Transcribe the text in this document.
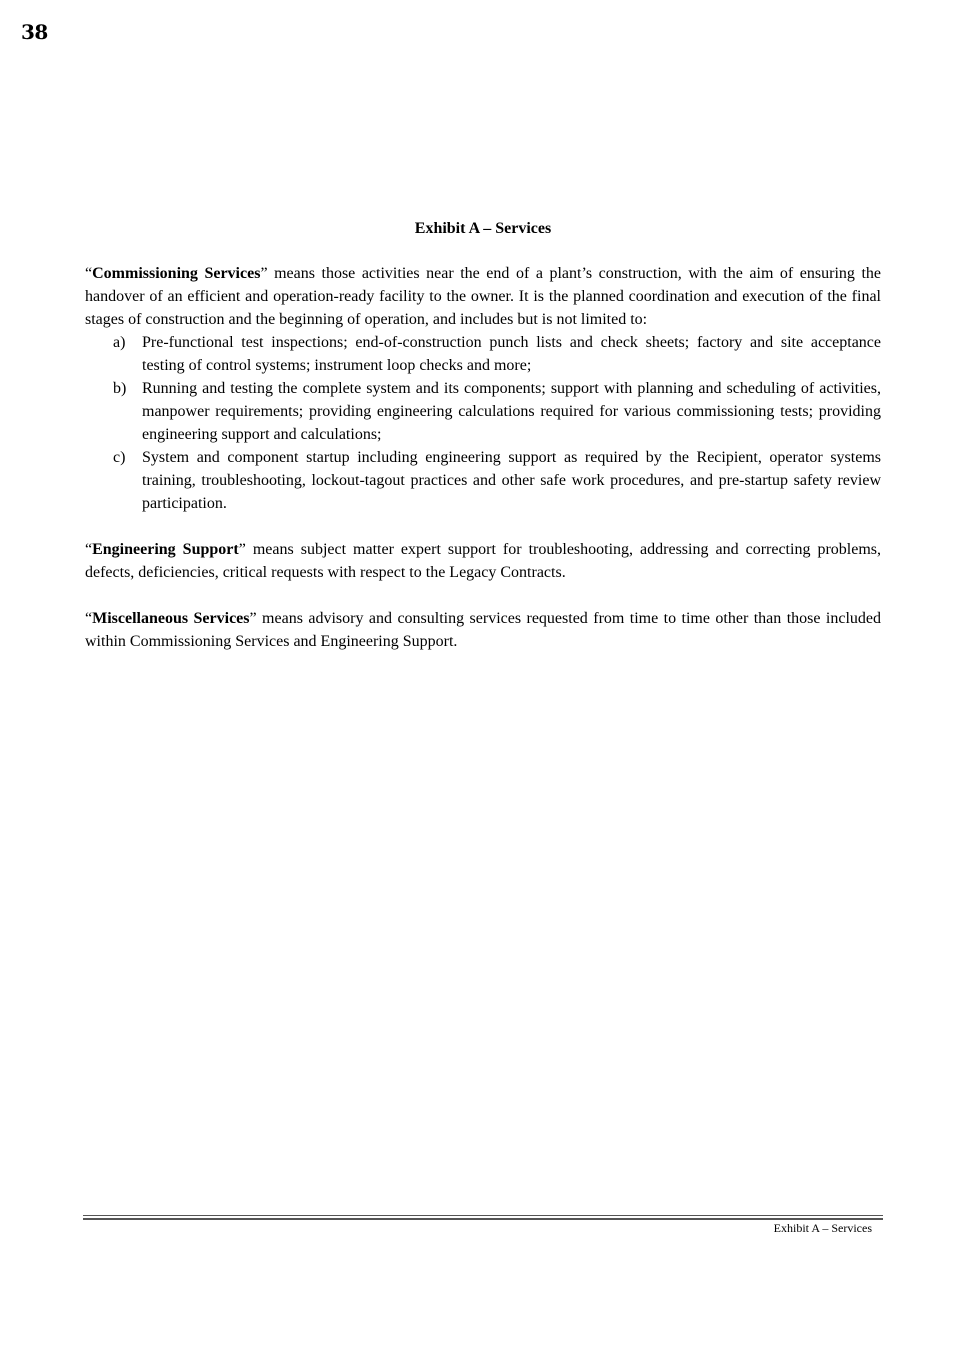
38
Exhibit A – Services

“Commissioning Services” means those activities near the end of a plant’s construction, with the aim of ensuring the handover of an efficient and operation-ready facility to the owner. It is the planned coordination and execution of the final stages of construction and the beginning of operation, and includes but is not limited to:

a) Pre-functional test inspections; end-of-construction punch lists and check sheets; factory and site acceptance testing of control systems; instrument loop checks and more;
b) Running and testing the complete system and its components; support with planning and scheduling of activities, manpower requirements; providing engineering calculations required for various commissioning tests; providing engineering support and calculations;
c) System and component startup including engineering support as required by the Recipient, operator systems training, troubleshooting, lockout-tagout practices and other safe work procedures, and pre-startup safety review participation.

“Engineering Support” means subject matter expert support for troubleshooting, addressing and correcting problems, defects, deficiencies, critical requests with respect to the Legacy Contracts.

“Miscellaneous Services” means advisory and consulting services requested from time to time other than those included within Commissioning Services and Engineering Support.

Exhibit A – Services
